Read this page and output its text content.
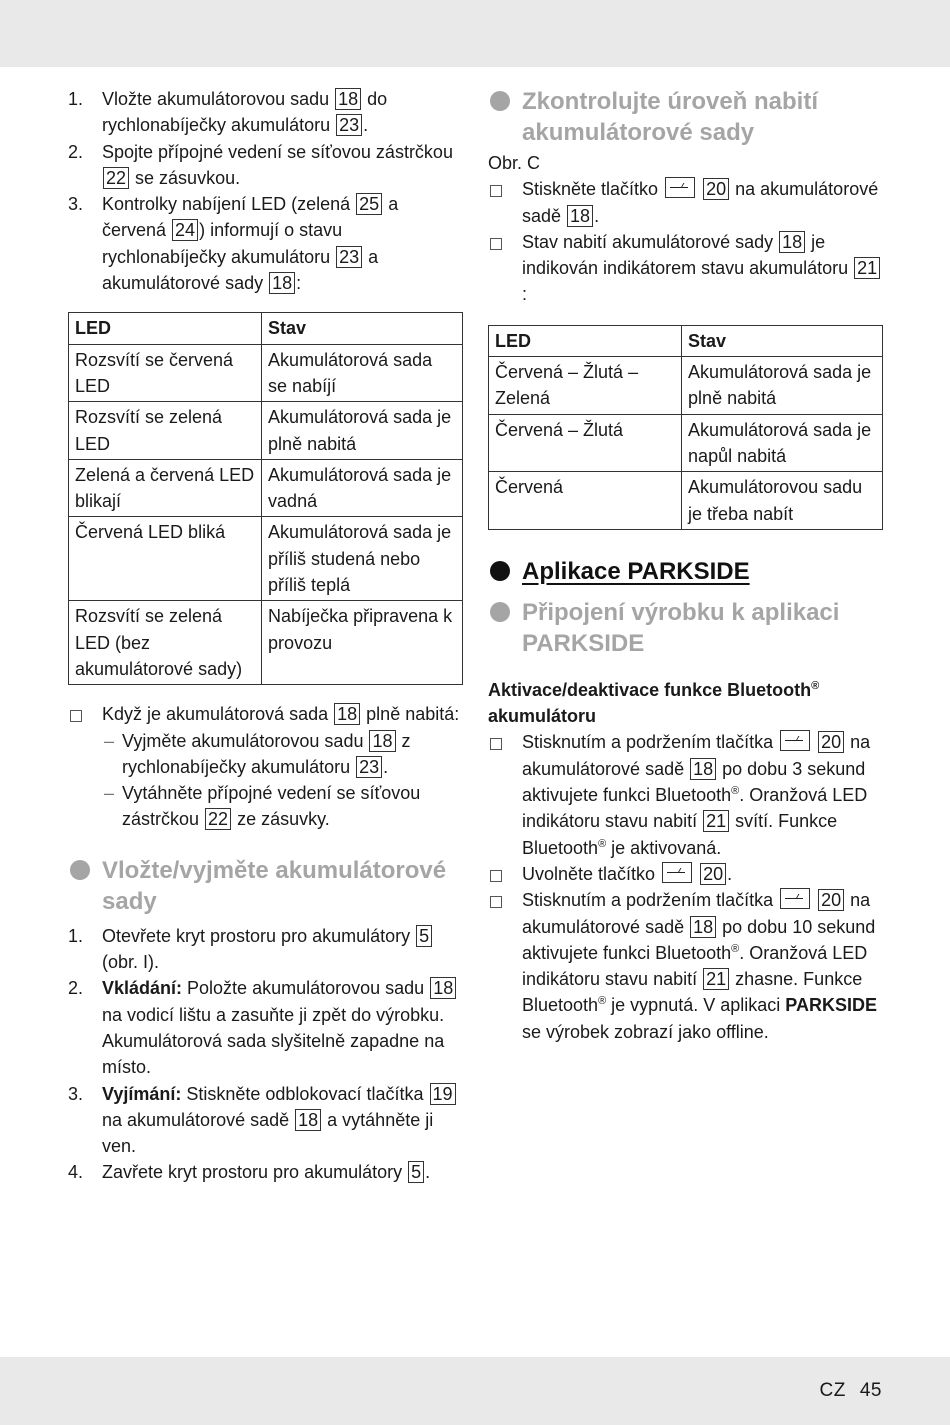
1. Vložte akumulátorovou sadu 18 do rychlonabíječky akumulátoru 23 .
2. Spojte přípojné vedení se síťovou zástrčkou 22 se zásuvkou.
3. Kontrolky nabíjení LED (zelená 25 a červená 24 ) informují o stavu rychlonabíječky akumulátoru 23 a akumulátorové sady 18 :
LED	Stav
Rozsvítí se červená LED	Akumulátorová sada se nabíjí
Rozsvítí se zelená LED	Akumulátorová sada je plně nabitá
Zelená a červená LED blikají	Akumulátorová sada je vadná
Červená LED bliká	Akumulátorová sada je příliš studená nebo příliš teplá
Rozsvítí se zelená LED (bez akumulátorové sady)	Nabíječka připravena k provozu
Když je akumulátorová sada 18 plně nabitá:
– Vyjměte akumulátorovou sadu 18 z rychlonabíječky akumulátoru 23 .
– Vytáhněte přípojné vedení se síťovou zástrčkou 22 ze zásuvky.
Vložte/vyjměte akumulátorové sady
1. Otevřete kryt prostoru pro akumulátory 5 (obr. I).
2. Vkládání: Položte akumulátorovou sadu 18 na vodicí lištu a zasuňte ji zpět do výrobku. Akumulátorová sada slyšitelně zapadne na místo.
3. Vyjímání: Stiskněte odblokovací tlačítka 19 na akumulátorové sadě 18 a vytáhněte ji ven.
4. Zavřete kryt prostoru pro akumulátory 5 .
Zkontrolujte úroveň nabití akumulátorové sady

Obr. C

Stiskněte tlačítko  20 na akumulátorové sadě 18 .
Stav nabití akumulátorové sady 18 je indikován indikátorem stavu akumulátoru 21:
LED	Stav
Červená – Žlutá – Zelená	Akumulátorová sada je plně nabitá
Červená – Žlutá	Akumulátorová sada je napůl nabitá
Červená	Akumulátorovou sadu je třeba nabít
Aplikace PARKSIDE
Připojení výrobku k aplikaci PARKSIDE
Aktivace/deaktivace funkce Bluetooth® akumulátoru
Stisknutím a podržením tlačítka  20 na akumulátorové sadě 18 po dobu 3 sekund aktivujete funkci Bluetooth®. Oranžová LED indikátoru stavu nabití 21 svítí. Funkce Bluetooth® je aktivovaná.
Uvolněte tlačítko  20 .
Stisknutím a podržením tlačítka  20 na akumulátorové sadě 18 po dobu 10 sekund aktivujete funkci Bluetooth®. Oranžová LED indikátoru stavu nabití 21 zhasne. Funkce Bluetooth® je vypnutá. V aplikaci PARKSIDE se výrobek zobrazí jako offline.
CZ 45
